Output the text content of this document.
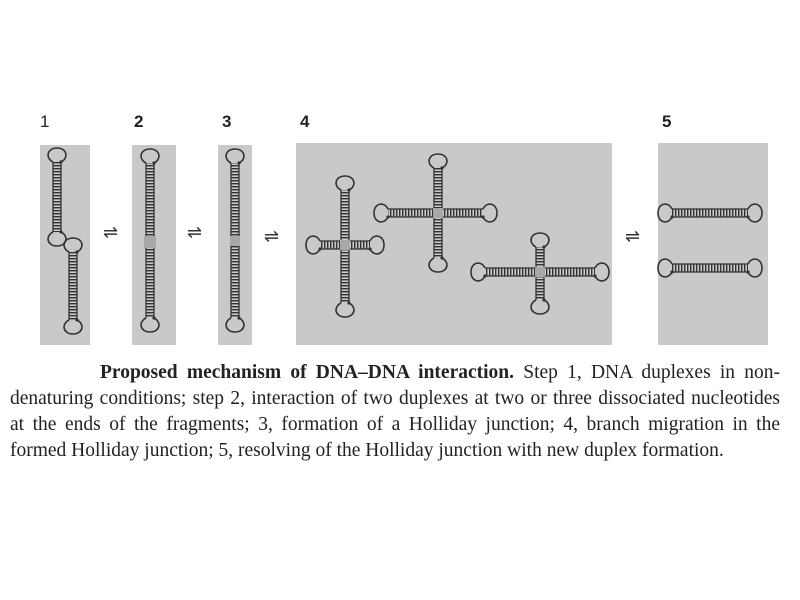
1	2	3	4	5
⇌	⇌	⇌	⇌
Proposed mechanism of DNA–DNA interaction. Step 1, DNA duplexes in non-denaturing conditions; step 2, interaction of two duplexes at two or three dissociated nucleotides at the ends of the fragments; 3, formation of a Holliday junction; 4, branch migration in the formed Holliday junction; 5, resolving of the Holliday junction with new duplex formation.
